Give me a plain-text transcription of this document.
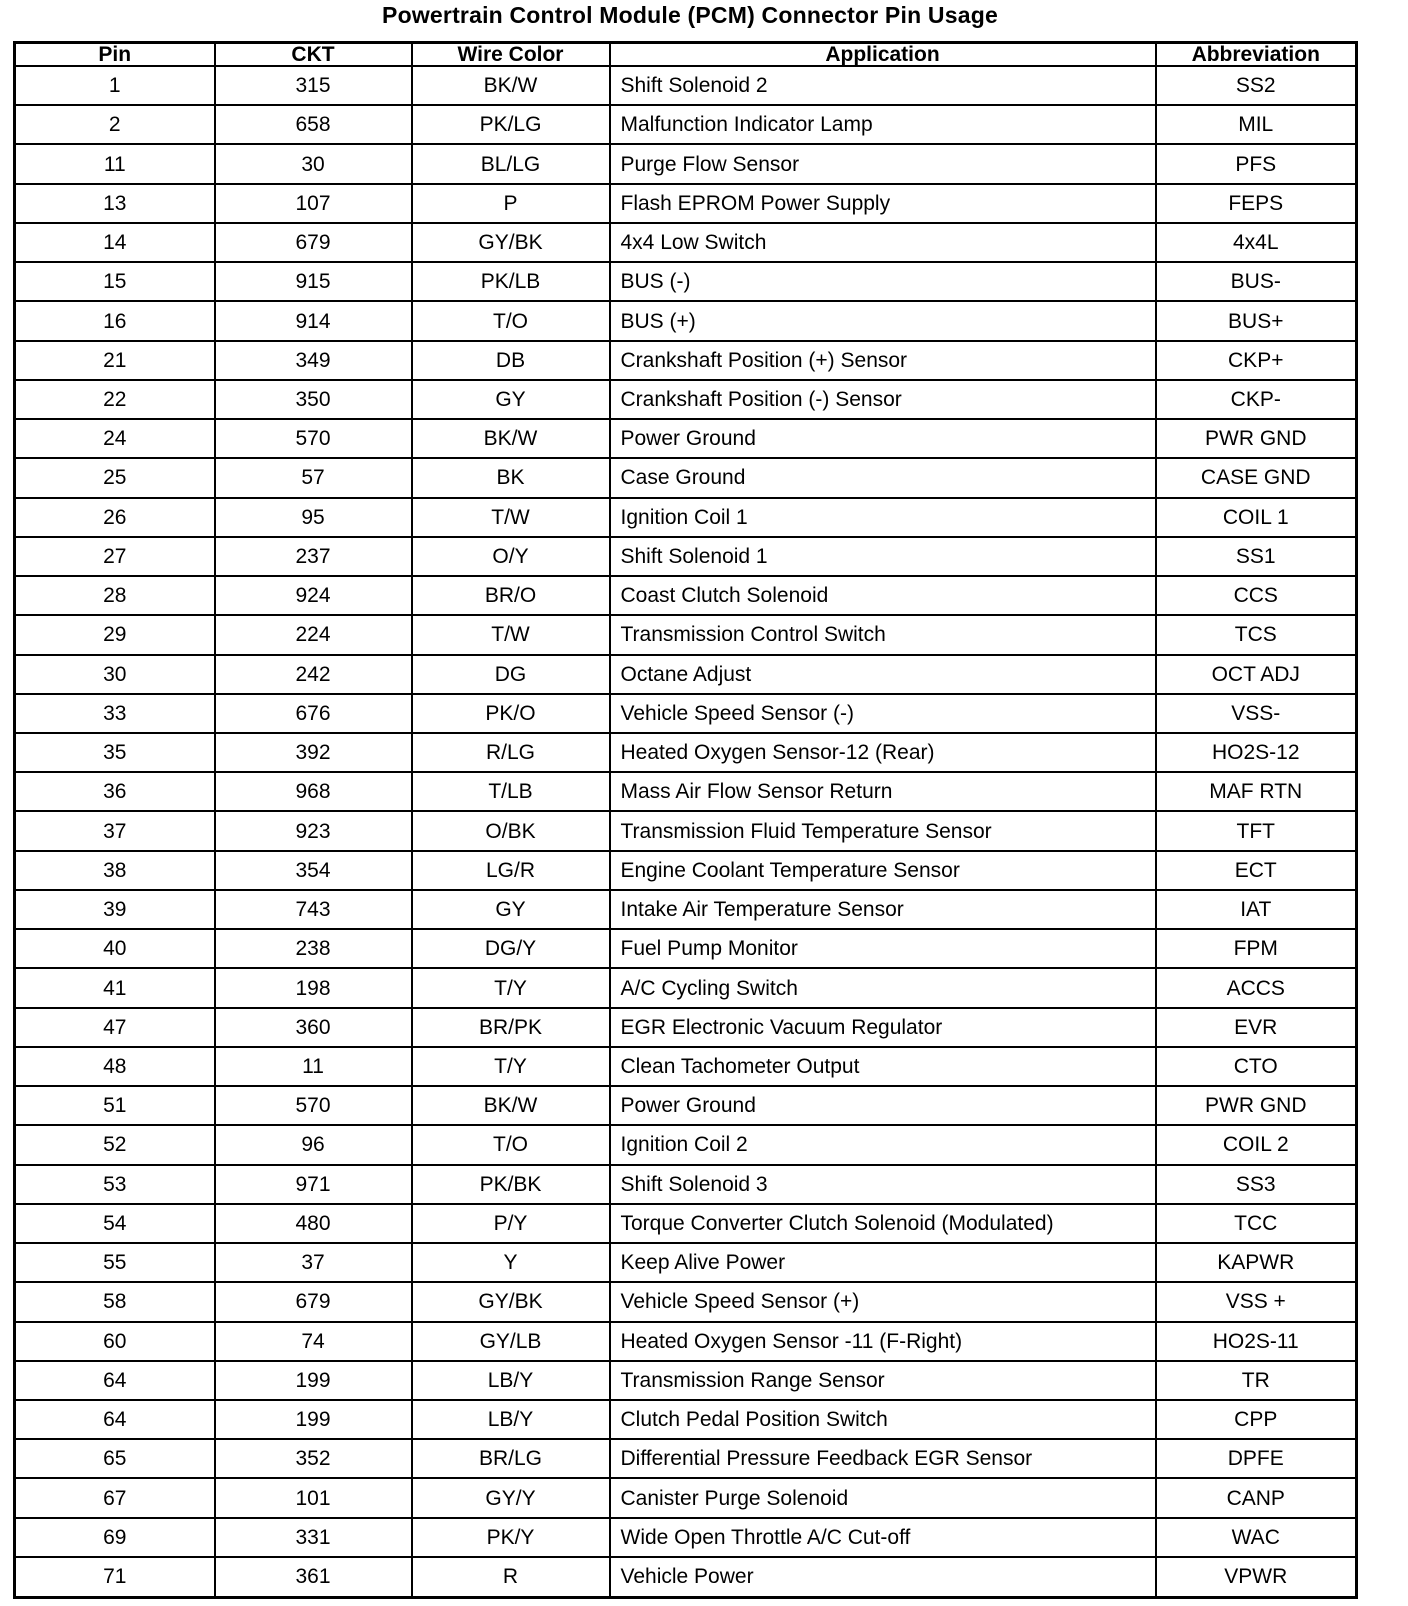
Powertrain Control Module (PCM) Connector Pin Usage
Pin	CKT	Wire Color	Application	Abbreviation
1	315	BK/W	Shift Solenoid 2	SS2
2	658	PK/LG	Malfunction Indicator Lamp	MIL
11	30	BL/LG	Purge Flow Sensor	PFS
13	107	P	Flash EPROM Power Supply	FEPS
14	679	GY/BK	4x4 Low Switch	4x4L
15	915	PK/LB	BUS (-)	BUS-
16	914	T/O	BUS (+)	BUS+
21	349	DB	Crankshaft Position (+) Sensor	CKP+
22	350	GY	Crankshaft Position (-) Sensor	CKP-
24	570	BK/W	Power Ground	PWR GND
25	57	BK	Case Ground	CASE GND
26	95	T/W	Ignition Coil 1	COIL 1
27	237	O/Y	Shift Solenoid 1	SS1
28	924	BR/O	Coast Clutch Solenoid	CCS
29	224	T/W	Transmission Control Switch	TCS
30	242	DG	Octane Adjust	OCT ADJ
33	676	PK/O	Vehicle Speed Sensor (-)	VSS-
35	392	R/LG	Heated Oxygen Sensor-12 (Rear)	HO2S-12
36	968	T/LB	Mass Air Flow Sensor Return	MAF RTN
37	923	O/BK	Transmission Fluid Temperature Sensor	TFT
38	354	LG/R	Engine Coolant Temperature Sensor	ECT
39	743	GY	Intake Air Temperature Sensor	IAT
40	238	DG/Y	Fuel Pump Monitor	FPM
41	198	T/Y	A/C Cycling Switch	ACCS
47	360	BR/PK	EGR Electronic Vacuum Regulator	EVR
48	11	T/Y	Clean Tachometer Output	CTO
51	570	BK/W	Power Ground	PWR GND
52	96	T/O	Ignition Coil 2	COIL 2
53	971	PK/BK	Shift Solenoid 3	SS3
54	480	P/Y	Torque Converter Clutch Solenoid (Modulated)	TCC
55	37	Y	Keep Alive Power	KAPWR
58	679	GY/BK	Vehicle Speed Sensor (+)	VSS +
60	74	GY/LB	Heated Oxygen Sensor -11 (F-Right)	HO2S-11
64	199	LB/Y	Transmission Range Sensor	TR
64	199	LB/Y	Clutch Pedal Position Switch	CPP
65	352	BR/LG	Differential Pressure Feedback EGR Sensor	DPFE
67	101	GY/Y	Canister Purge Solenoid	CANP
69	331	PK/Y	Wide Open Throttle A/C Cut-off	WAC
71	361	R	Vehicle Power	VPWR
